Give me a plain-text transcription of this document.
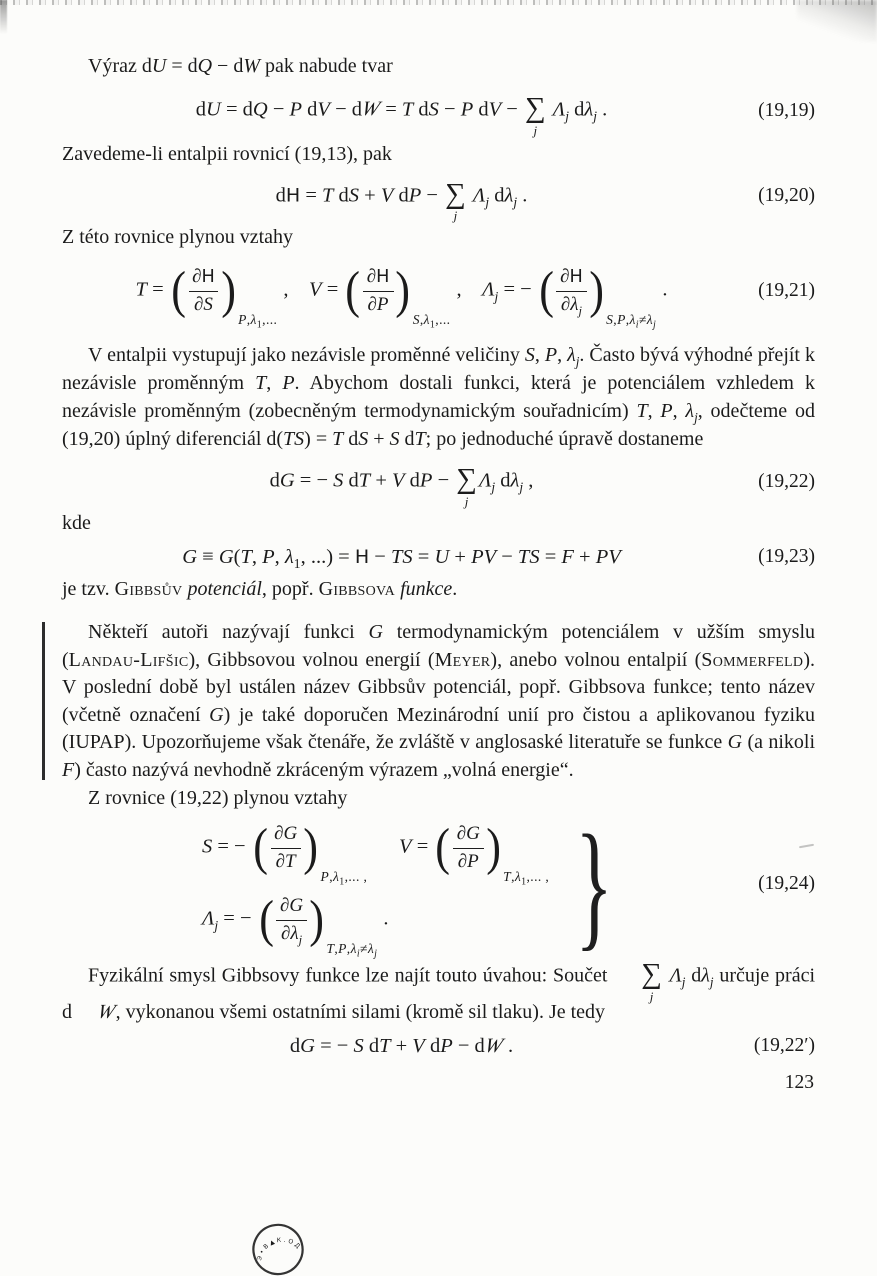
Výraz dU = dQ − dW pak nabude tvar

dU = dQ − P dV − dW = T dS − P dV − ∑
j
$\Lambda_j$ $d\lambda_j$ .	(19,19)

Zavedeme-li entalpii rovnicí (19,13), pak

dH = T dS + V dP − ∑
j
$\Lambda_j$ $d\lambda_j$ .	(19,20)

Z této rovnice plynou vztahy

T = ( $\frac{\partial H}{\partial S}$ )
$P,\lambda_1$,...
,  V = ( $\frac{\partial H}{\partial P}$ )
$S,\lambda_1$,...
,  $\Lambda_j$ = − ( $\frac{\partial H}{\partial\lambda_j}$ )
$S,P,\lambda_i\ne\lambda_j$
.	(19,21)

V entalpii vystupují jako nezávisle proměnné veličiny S, P, $\lambda_j$. Často bývá výhodné přejít k nezávisle proměnným T, P. Abychom dostali funkci, která je potenciálem vzhledem k nezávisle proměnným (zobecněným termodynamickým souřadnicím) T, P, $\lambda_j$, odečteme od (19,20) úplný diferenciál d(TS) = T dS + S dT; po jednoduché úpravě dostaneme

dG = − S dT + V dP − ∑
j
$\Lambda_j$ $d\lambda_j$ ,	(19,22)

kde

G ≡ G(T, P, $\lambda_1$, ...) = H − TS = U + PV − TS = F + PV	(19,23)

je tzv. Gibbsův potenciál, popř. Gibbsova funkce.

Někteří autoři nazývají funkci G termodynamickým potenciálem v užším smyslu (Landau-Lifšic), Gibbsovou volnou energií (Meyer), anebo volnou entalpií (Sommerfeld). V poslední době byl ustálen název Gibbsův potenciál, popř. Gibbsova funkce; tento název (včetně označení G) je také doporučen Mezinárodní unií pro čistou a aplikovanou fyziku (IUPAP). Upozorňujeme však čtenáře, že zvláště v anglosaské literatuře se funkce G (a nikoli F) často nazývá nevhodně zkráceným výrazem „volná energie“.

Z rovnice (19,22) plynou vztahy

S = − ( $\frac{\partial G}{\partial T}$ )
$P,\lambda_1$,... ,
   V = ( $\frac{\partial G}{\partial P}$ )
$T,\lambda_1$,... ,
$\Lambda_j$ = − ( $\frac{\partial G}{\partial\lambda_j}$ )
$T,P,\lambda_i\ne\lambda_j$
.	}	(19,24)

Fyzikální smysl Gibbsovy funkce lze najít touto úvahou: Součet ∑
j
$\Lambda_j$ $d\lambda_j$ určuje práci d W, vykonanou všemi ostatními silami (kromě sil tlaku). Je tedy

dG = − S dT + V dP − dW .	(19,22′)
123
Э•В▲К.ОДО
